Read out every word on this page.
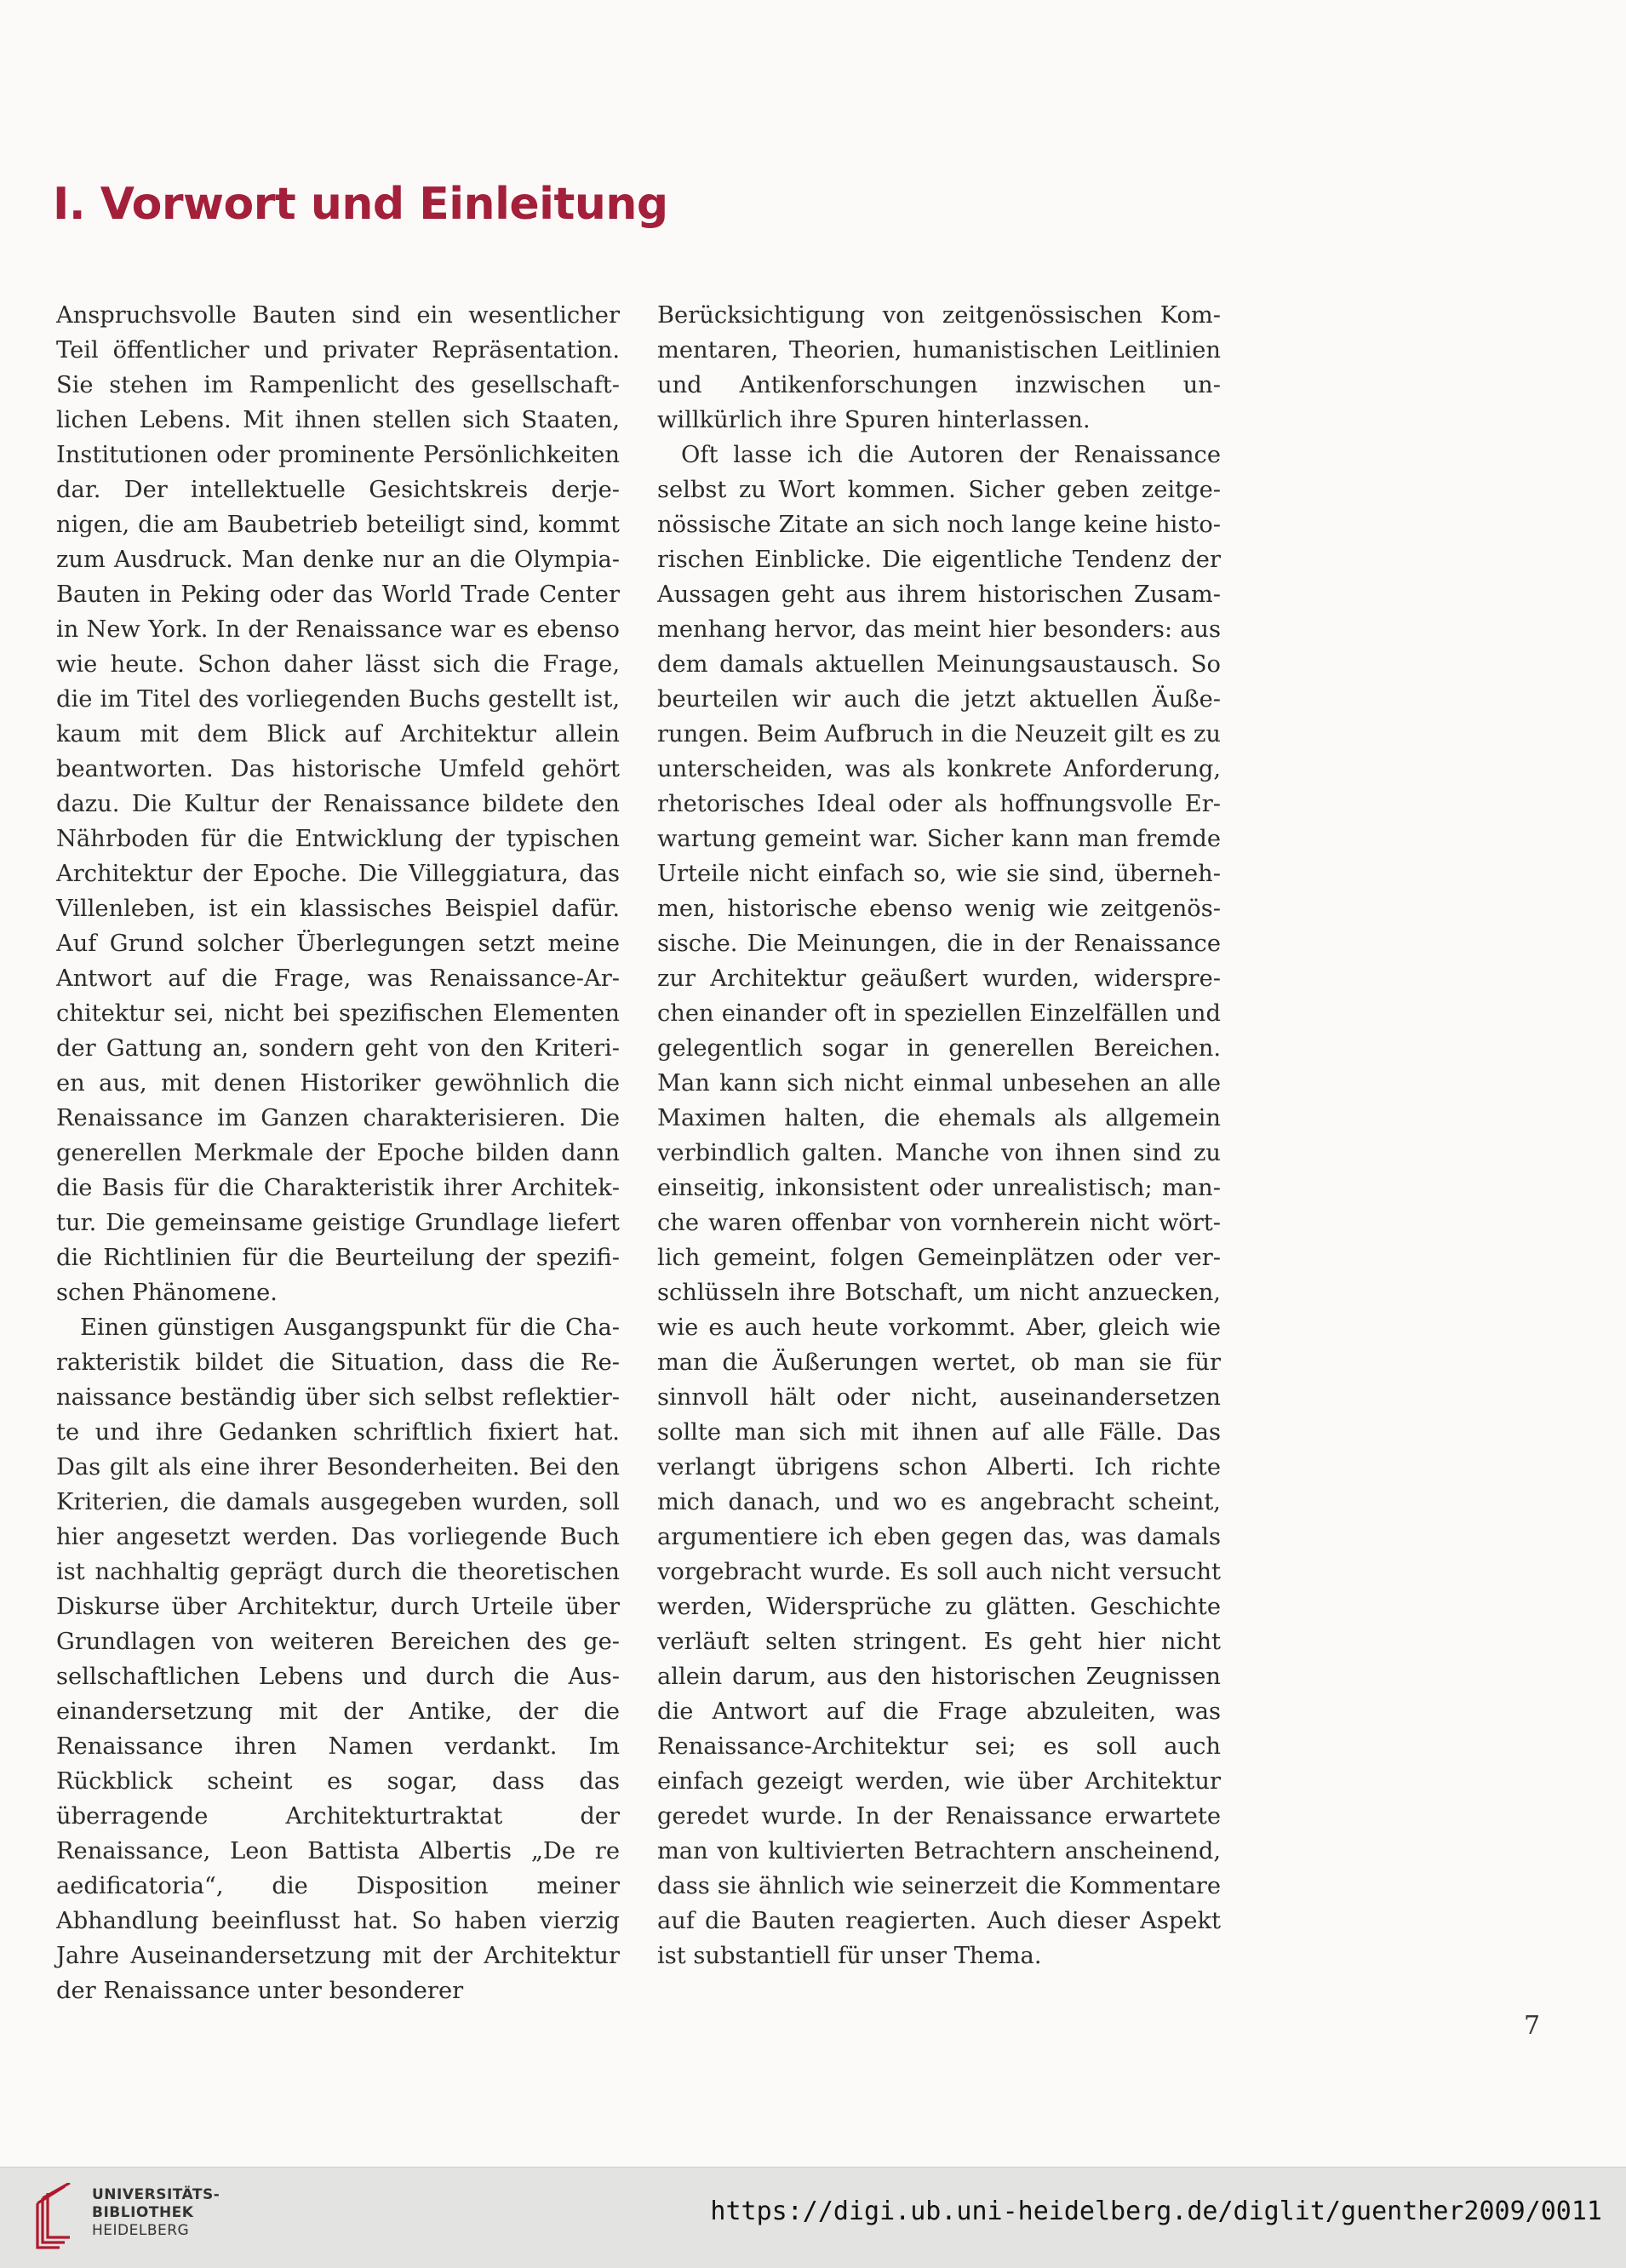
I. Vorwort und Einleitung

Anspruchsvolle Bauten sind ein wesentlicher Teil öffentlicher und privater Repräsentation. Sie stehen im Rampenlicht des gesellschaftlichen Lebens. Mit ihnen stellen sich Staaten, Institutionen oder prominente Persönlichkeiten dar. Der intellektuelle Gesichtskreis derjenigen, die am Baubetrieb beteiligt sind, kommt zum Ausdruck. Man denke nur an die Olympia-Bauten in Peking oder das World Trade Center in New York. In der Renaissance war es ebenso wie heute. Schon daher lässt sich die Frage, die im Titel des vorliegenden Buchs gestellt ist, kaum mit dem Blick auf Architektur allein beantworten. Das historische Umfeld gehört dazu. Die Kultur der Renaissance bildete den Nährboden für die Entwicklung der typischen Architektur der Epoche. Die Villeggiatura, das Villenleben, ist ein klassisches Beispiel dafür. Auf Grund solcher Überlegungen setzt meine Antwort auf die Frage, was Renaissance-Architektur sei, nicht bei spezifischen Elementen der Gattung an, sondern geht von den Kriterien aus, mit denen Historiker gewöhnlich die Renaissance im Ganzen charakterisieren. Die generellen Merkmale der Epoche bilden dann die Basis für die Charakteristik ihrer Architektur. Die gemeinsame geistige Grundlage liefert die Richtlinien für die Beurteilung der spezifischen Phänomene.

Einen günstigen Ausgangspunkt für die Charakteristik bildet die Situation, dass die Renaissance beständig über sich selbst reflektierte und ihre Gedanken schriftlich fixiert hat. Das gilt als eine ihrer Besonderheiten. Bei den Kriterien, die damals ausgegeben wurden, soll hier angesetzt werden. Das vorliegende Buch ist nachhaltig geprägt durch die theoretischen Diskurse über Architektur, durch Urteile über Grundlagen von weiteren Bereichen des gesellschaftlichen Lebens und durch die Auseinandersetzung mit der Antike, der die Renaissance ihren Namen verdankt. Im Rückblick scheint es sogar, dass das überragende Architekturtraktat der Renaissance, Leon Battista Albertis „De re aedificatoria“, die Disposition meiner Abhandlung beeinflusst hat. So haben vierzig Jahre Auseinandersetzung mit der Architektur der Renaissance unter besonderer

Berücksichtigung von zeitgenössischen Kommentaren, Theorien, humanistischen Leitlinien und Antikenforschungen inzwischen unwillkürlich ihre Spuren hinterlassen.

Oft lasse ich die Autoren der Renaissance selbst zu Wort kommen. Sicher geben zeitgenössische Zitate an sich noch lange keine historischen Einblicke. Die eigentliche Tendenz der Aussagen geht aus ihrem historischen Zusammenhang hervor, das meint hier besonders: aus dem damals aktuellen Meinungsaustausch. So beurteilen wir auch die jetzt aktuellen Äußerungen. Beim Aufbruch in die Neuzeit gilt es zu unterscheiden, was als konkrete Anforderung, rhetorisches Ideal oder als hoffnungsvolle Erwartung gemeint war. Sicher kann man fremde Urteile nicht einfach so, wie sie sind, übernehmen, historische ebenso wenig wie zeitgenössische. Die Meinungen, die in der Renaissance zur Architektur geäußert wurden, widersprechen einander oft in speziellen Einzelfällen und gelegentlich sogar in generellen Bereichen. Man kann sich nicht einmal unbesehen an alle Maximen halten, die ehemals als allgemein verbindlich galten. Manche von ihnen sind zu einseitig, inkonsistent oder unrealistisch; manche waren offenbar von vornherein nicht wörtlich gemeint, folgen Gemeinplätzen oder verschlüsseln ihre Botschaft, um nicht anzuecken, wie es auch heute vorkommt. Aber, gleich wie man die Äußerungen wertet, ob man sie für sinnvoll hält oder nicht, auseinandersetzen sollte man sich mit ihnen auf alle Fälle. Das verlangt übrigens schon Alberti. Ich richte mich danach, und wo es angebracht scheint, argumentiere ich eben gegen das, was damals vorgebracht wurde. Es soll auch nicht versucht werden, Widersprüche zu glätten. Geschichte verläuft selten stringent. Es geht hier nicht allein darum, aus den historischen Zeugnissen die Antwort auf die Frage abzuleiten, was Renaissance-Architektur sei; es soll auch einfach gezeigt werden, wie über Architektur geredet wurde. In der Renaissance erwartete man von kultivierten Betrachtern anscheinend, dass sie ähnlich wie seinerzeit die Kommentare auf die Bauten reagierten. Auch dieser Aspekt ist substantiell für unser Thema.

7
UNIVERSITÄTS-
BIBLIOTHEK
HEIDELBERG
https://digi.ub.uni-heidelberg.de/diglit/guenther2009/0011
